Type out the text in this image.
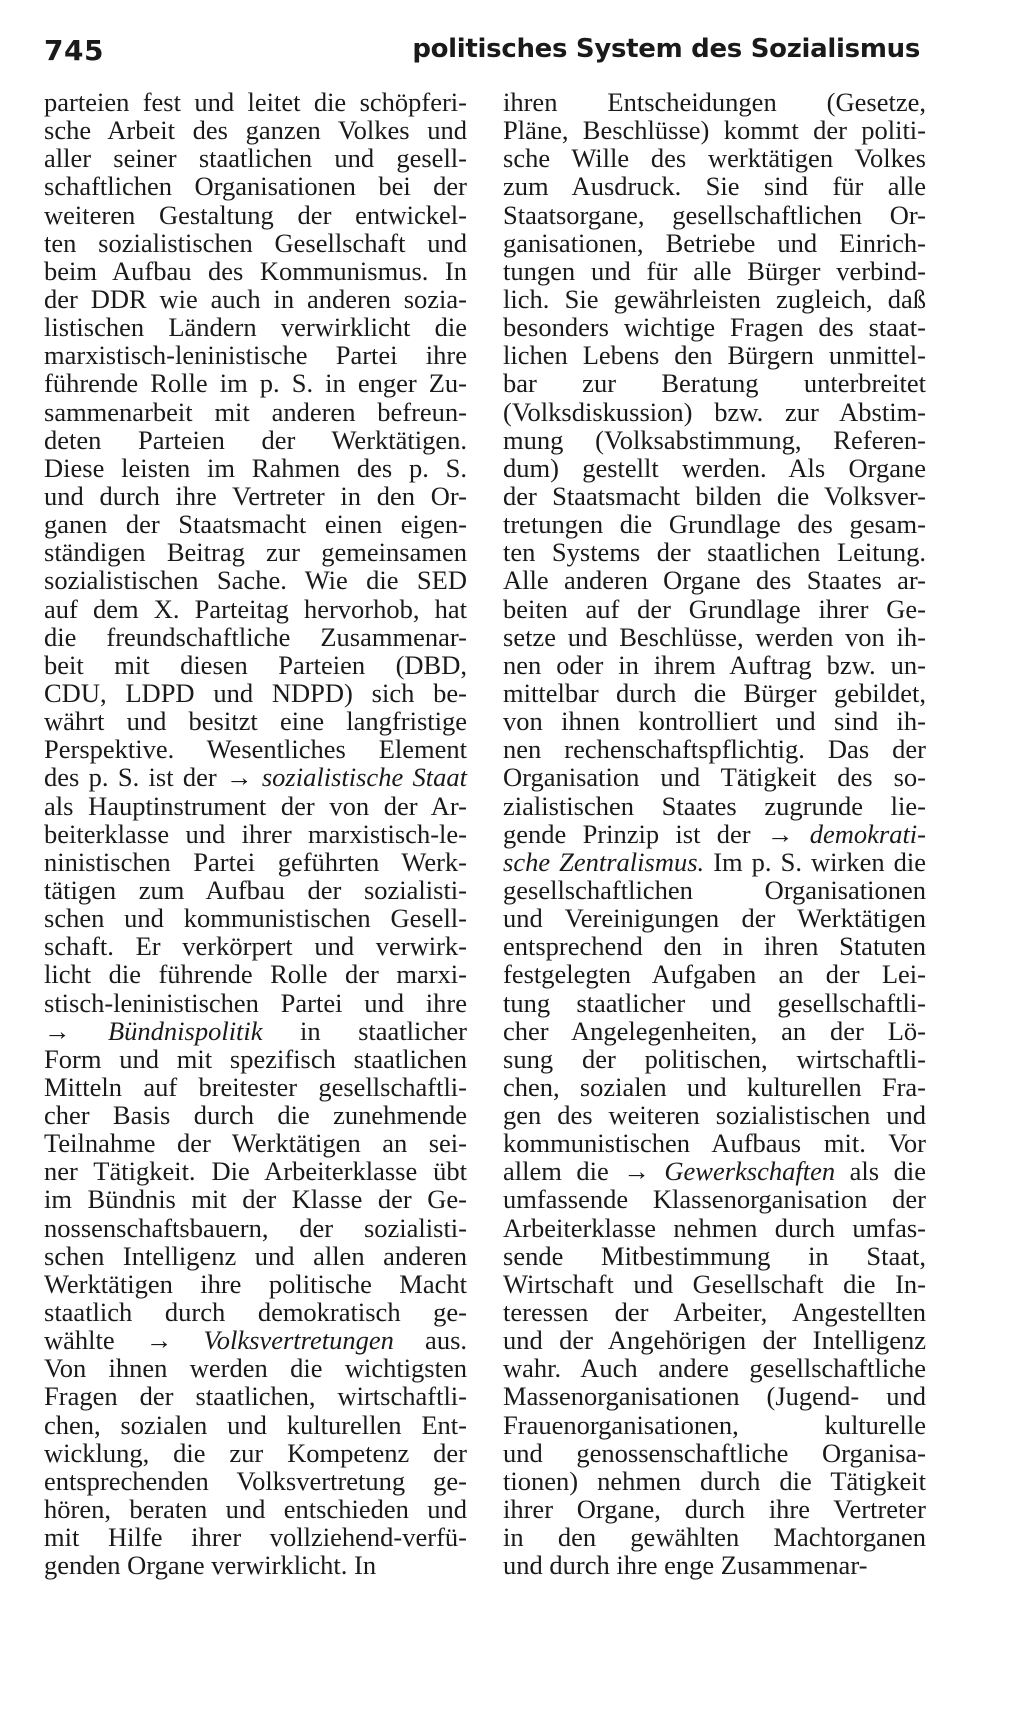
745	politisches System des Sozialismus
parteien fest und leitet die schöpferi-
sche Arbeit des ganzen Volkes und
aller seiner staatlichen und gesell-
schaftlichen Organisationen bei der
weiteren Gestaltung der entwickel-
ten sozialistischen Gesellschaft und
beim Aufbau des Kommunismus. In
der DDR wie auch in anderen sozia-
listischen Ländern verwirklicht die
marxistisch-leninistische Partei ihre
führende Rolle im p. S. in enger Zu-
sammenarbeit mit anderen befreun-
deten Parteien der Werktätigen.
Diese leisten im Rahmen des p. S.
und durch ihre Vertreter in den Or-
ganen der Staatsmacht einen eigen-
ständigen Beitrag zur gemeinsamen
sozialistischen Sache. Wie die SED
auf dem X. Parteitag hervorhob, hat
die freundschaftliche Zusammenar-
beit mit diesen Parteien (DBD,
CDU, LDPD und NDPD) sich be-
währt und besitzt eine langfristige
Perspektive. Wesentliches Element
des p. S. ist der → sozialistische Staat
als Hauptinstrument der von der Ar-
beiterklasse und ihrer marxistisch-le-
ninistischen Partei geführten Werk-
tätigen zum Aufbau der sozialisti-
schen und kommunistischen Gesell-
schaft. Er verkörpert und verwirk-
licht die führende Rolle der marxi-
stisch-leninistischen Partei und ihre
→ Bündnispolitik in staatlicher
Form und mit spezifisch staatlichen
Mitteln auf breitester gesellschaftli-
cher Basis durch die zunehmende
Teilnahme der Werktätigen an sei-
ner Tätigkeit. Die Arbeiterklasse übt
im Bündnis mit der Klasse der Ge-
nossenschaftsbauern, der sozialisti-
schen Intelligenz und allen anderen
Werktätigen ihre politische Macht
staatlich durch demokratisch ge-
wählte → Volksvertretungen aus.
Von ihnen werden die wichtigsten
Fragen der staatlichen, wirtschaftli-
chen, sozialen und kulturellen Ent-
wicklung, die zur Kompetenz der
entsprechenden Volksvertretung ge-
hören, beraten und entschieden und
mit Hilfe ihrer vollziehend-verfü-
genden Organe verwirklicht. In
ihren Entscheidungen (Gesetze,
Pläne, Beschlüsse) kommt der politi-
sche Wille des werktätigen Volkes
zum Ausdruck. Sie sind für alle
Staatsorgane, gesellschaftlichen Or-
ganisationen, Betriebe und Einrich-
tungen und für alle Bürger verbind-
lich. Sie gewährleisten zugleich, daß
besonders wichtige Fragen des staat-
lichen Lebens den Bürgern unmittel-
bar zur Beratung unterbreitet
(Volksdiskussion) bzw. zur Abstim-
mung (Volksabstimmung, Referen-
dum) gestellt werden. Als Organe
der Staatsmacht bilden die Volksver-
tretungen die Grundlage des gesam-
ten Systems der staatlichen Leitung.
Alle anderen Organe des Staates ar-
beiten auf der Grundlage ihrer Ge-
setze und Beschlüsse, werden von ih-
nen oder in ihrem Auftrag bzw. un-
mittelbar durch die Bürger gebildet,
von ihnen kontrolliert und sind ih-
nen rechenschaftspflichtig. Das der
Organisation und Tätigkeit des so-
zialistischen Staates zugrunde lie-
gende Prinzip ist der → demokrati-
sche Zentralismus. Im p. S. wirken die
gesellschaftlichen Organisationen
und Vereinigungen der Werktätigen
entsprechend den in ihren Statuten
festgelegten Aufgaben an der Lei-
tung staatlicher und gesellschaftli-
cher Angelegenheiten, an der Lö-
sung der politischen, wirtschaftli-
chen, sozialen und kulturellen Fra-
gen des weiteren sozialistischen und
kommunistischen Aufbaus mit. Vor
allem die → Gewerkschaften als die
umfassende Klassenorganisation der
Arbeiterklasse nehmen durch umfas-
sende Mitbestimmung in Staat,
Wirtschaft und Gesellschaft die In-
teressen der Arbeiter, Angestellten
und der Angehörigen der Intelligenz
wahr. Auch andere gesellschaftliche
Massenorganisationen (Jugend- und
Frauenorganisationen, kulturelle
und genossenschaftliche Organisa-
tionen) nehmen durch die Tätigkeit
ihrer Organe, durch ihre Vertreter
in den gewählten Machtorganen
und durch ihre enge Zusammenar-
